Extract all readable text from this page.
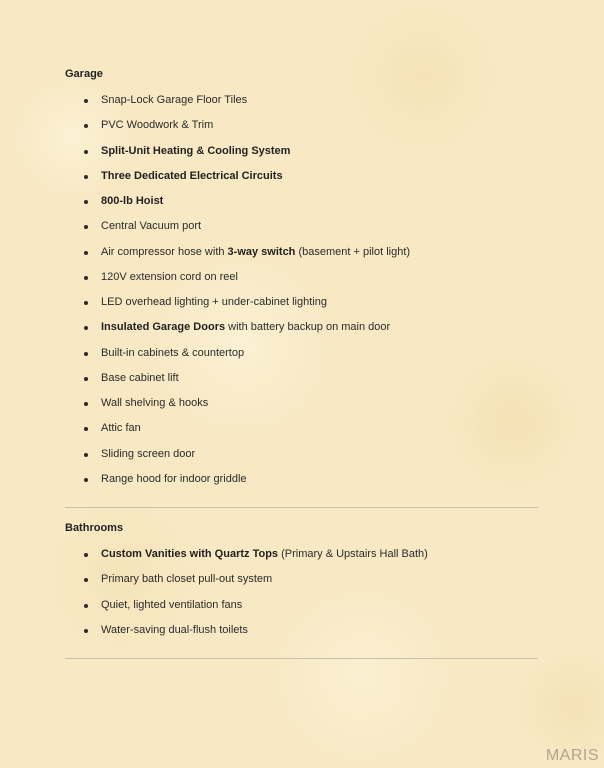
Garage
Snap-Lock Garage Floor Tiles
PVC Woodwork & Trim
Split-Unit Heating & Cooling System
Three Dedicated Electrical Circuits
800-lb Hoist
Central Vacuum port
Air compressor hose with 3-way switch (basement + pilot light)
120V extension cord on reel
LED overhead lighting + under-cabinet lighting
Insulated Garage Doors with battery backup on main door
Built-in cabinets & countertop
Base cabinet lift
Wall shelving & hooks
Attic fan
Sliding screen door
Range hood for indoor griddle
Bathrooms
Custom Vanities with Quartz Tops (Primary & Upstairs Hall Bath)
Primary bath closet pull-out system
Quiet, lighted ventilation fans
Water-saving dual-flush toilets
MARIS
